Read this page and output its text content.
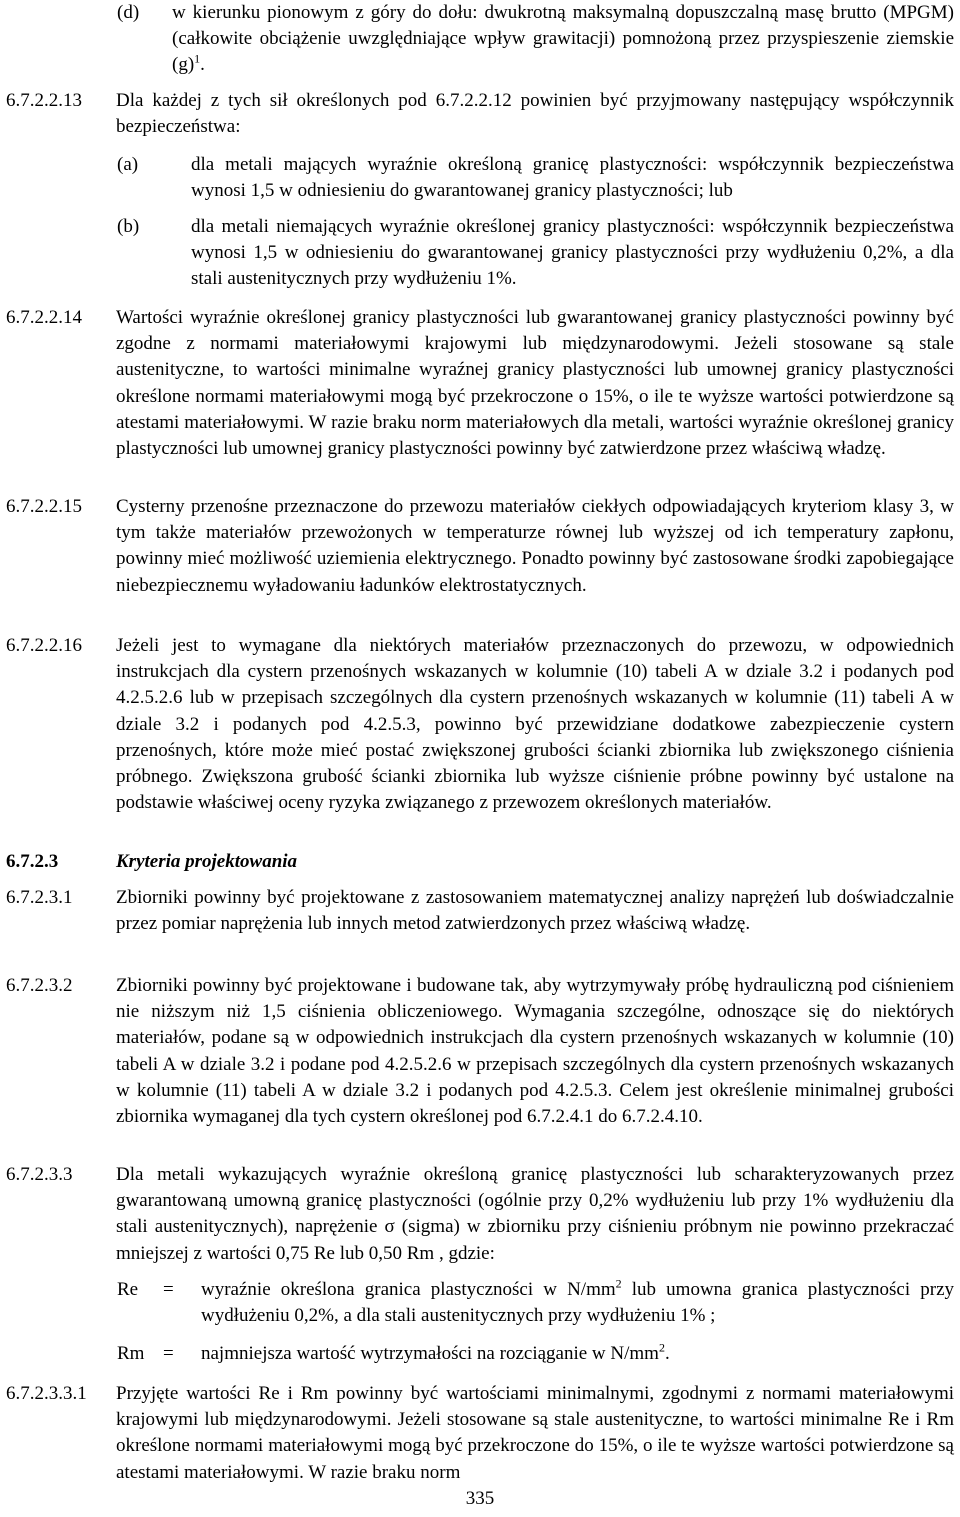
(d) w kierunku pionowym z góry do dołu: dwukrotną maksymalną dopuszczalną masę brutto (MPGM) (całkowite obciążenie uwzględniające wpływ grawitacji) pomnożoną przez przyspieszenie ziemskie $(g)^1$.
6.7.2.2.13 Dla każdej z tych sił określonych pod 6.7.2.2.12 powinien być przyjmowany następujący współczynnik bezpieczeństwa:
(a)	dla metali mających wyraźnie określoną granicę plastyczności: współczynnik bezpieczeństwa wynosi 1,5 w odniesieniu do gwarantowanej granicy plastyczności; lub
(b)	dla metali niemających wyraźnie określonej granicy plastyczności: współczynnik bezpieczeństwa wynosi 1,5 w odniesieniu do gwarantowanej granicy plastyczności przy wydłużeniu 0,2%, a dla stali austenitycznych przy wydłużeniu 1%.
6.7.2.2.14 Wartości wyraźnie określonej granicy plastyczności lub gwarantowanej granicy plastyczności powinny być zgodne z normami materiałowymi krajowymi lub międzynarodowymi. Jeżeli stosowane są stale austenityczne, to wartości minimalne wyraźnej granicy plastyczności lub umownej granicy plastyczności określone normami materiałowymi mogą być przekroczone o 15%, o ile te wyższe wartości potwierdzone są atestami materiałowymi. W razie braku norm materiałowych dla metali, wartości wyraźnie określonej granicy plastyczności lub umownej granicy plastyczności powinny być zatwierdzone przez właściwą władzę.
6.7.2.2.15 Cysterny przenośne przeznaczone do przewozu materiałów ciekłych odpowiadających kryteriom klasy 3, w tym także materiałów przewożonych w temperaturze równej lub wyższej od ich temperatury zapłonu, powinny mieć możliwość uziemienia elektrycznego. Ponadto powinny być zastosowane środki zapobiegające niebezpiecznemu wyładowaniu ładunków elektrostatycznych.
6.7.2.2.16 Jeżeli jest to wymagane dla niektórych materiałów przeznaczonych do przewozu, w odpowiednich instrukcjach dla cystern przenośnych wskazanych w kolumnie (10) tabeli A w dziale 3.2 i podanych pod 4.2.5.2.6 lub w przepisach szczególnych dla cystern przenośnych wskazanych w kolumnie (11) tabeli A w dziale 3.2 i podanych pod 4.2.5.3, powinno być przewidziane dodatkowe zabezpieczenie cystern przenośnych, które może mieć postać zwiększonej grubości ścianki zbiornika lub zwiększonego ciśnienia próbnego. Zwiększona grubość ścianki zbiornika lub wyższe ciśnienie próbne powinny być ustalone na podstawie właściwej oceny ryzyka związanego z przewozem określonych materiałów.
6.7.2.3	Kryteria projektowania
6.7.2.3.1 Zbiorniki powinny być projektowane z zastosowaniem matematycznej analizy naprężeń lub doświadczalnie przez pomiar naprężenia lub innych metod zatwierdzonych przez właściwą władzę.
6.7.2.3.2 Zbiorniki powinny być projektowane i budowane tak, aby wytrzymywały próbę hydrauliczną pod ciśnieniem nie niższym niż 1,5 ciśnienia obliczeniowego. Wymagania szczególne, odnoszące się do niektórych materiałów, podane są w odpowiednich instrukcjach dla cystern przenośnych wskazanych w kolumnie (10) tabeli A w dziale 3.2 i podane pod 4.2.5.2.6 w przepisach szczególnych dla cystern przenośnych wskazanych w kolumnie (11) tabeli A w dziale 3.2 i podanych pod 4.2.5.3. Celem jest określenie minimalnej grubości zbiornika wymaganej dla tych cystern określonej pod 6.7.2.4.1 do 6.7.2.4.10.
6.7.2.3.3 Dla metali wykazujących wyraźnie określoną granicę plastyczności lub scharakteryzowanych przez gwarantowaną umowną granicę plastyczności (ogólnie przy 0,2% wydłużeniu lub przy 1% wydłużeniu dla stali austenitycznych), naprężenie σ (sigma) w zbiorniku przy ciśnieniu próbnym nie powinno przekraczać mniejszej z wartości 0,75 Re lub 0,50 Rm , gdzie:
Re = wyraźnie określona granica plastyczności w $N/mm^2$ lub umowna granica plastyczności przy wydłużeniu 0,2%, a dla stali austenitycznych przy wydłużeniu 1% ;
Rm = najmniejsza wartość wytrzymałości na rozciąganie w $N/mm^2$.
6.7.2.3.3.1 Przyjęte wartości Re i Rm powinny być wartościami minimalnymi, zgodnymi z normami materiałowymi krajowymi lub międzynarodowymi. Jeżeli stosowane są stale austenityczne, to wartości minimalne Re i Rm określone normami materiałowymi mogą być przekroczone do 15%, o ile te wyższe wartości potwierdzone są atestami materiałowymi. W razie braku norm
335
